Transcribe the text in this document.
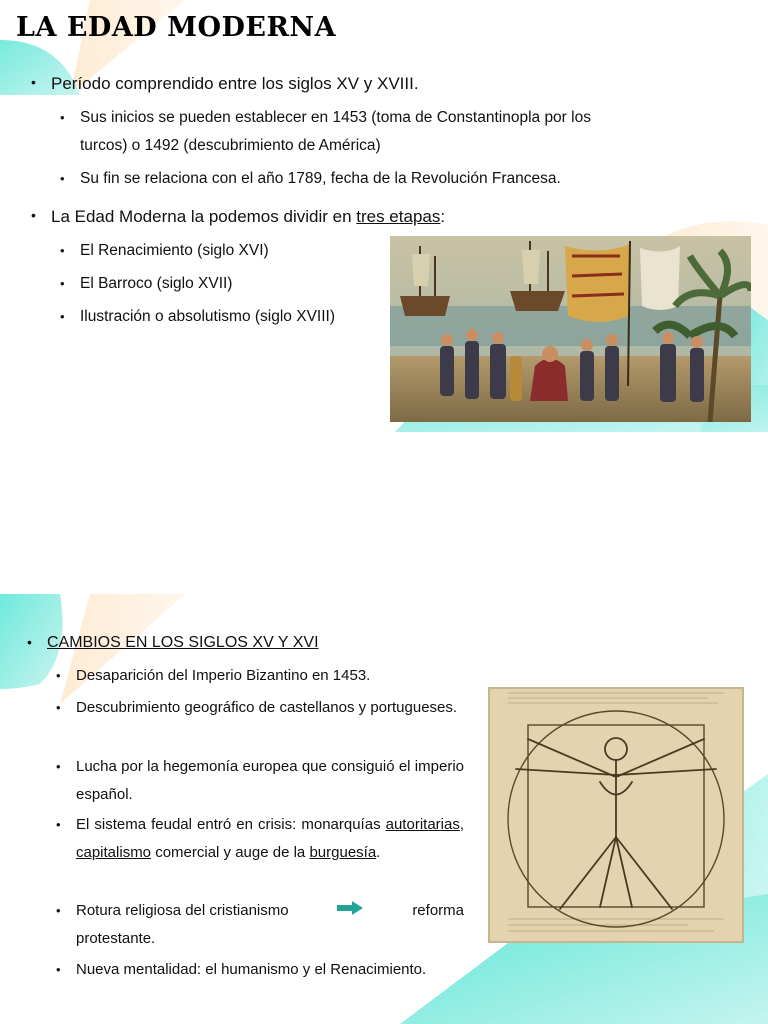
LA EDAD MODERNA
• Período comprendido entre los siglos XV y XVIII.
• Sus inicios se pueden establecer en 1453 (toma de Constantinopla por los turcos) o 1492 (descubrimiento de América)
• Su fin se relaciona con el año 1789, fecha de la Revolución Francesa.
• La Edad Moderna la podemos dividir en tres etapas:
• El Renacimiento (siglo XVI)
• El Barroco (siglo XVII)
• Ilustración o absolutismo (siglo XVIII)
• CAMBIOS EN LOS SIGLOS XV Y XVI
• Desaparición del Imperio Bizantino en 1453.
• Descubrimiento geográfico de castellanos y portugueses.
• Lucha por la hegemonía europea que consiguió el imperio español.
• El sistema feudal entró en crisis: monarquías autoritarias, capitalismo comercial y auge de la burguesía.
• Rotura religiosa del cristianismo	reforma
protestante.
• Nueva mentalidad: el humanismo y el Renacimiento.
